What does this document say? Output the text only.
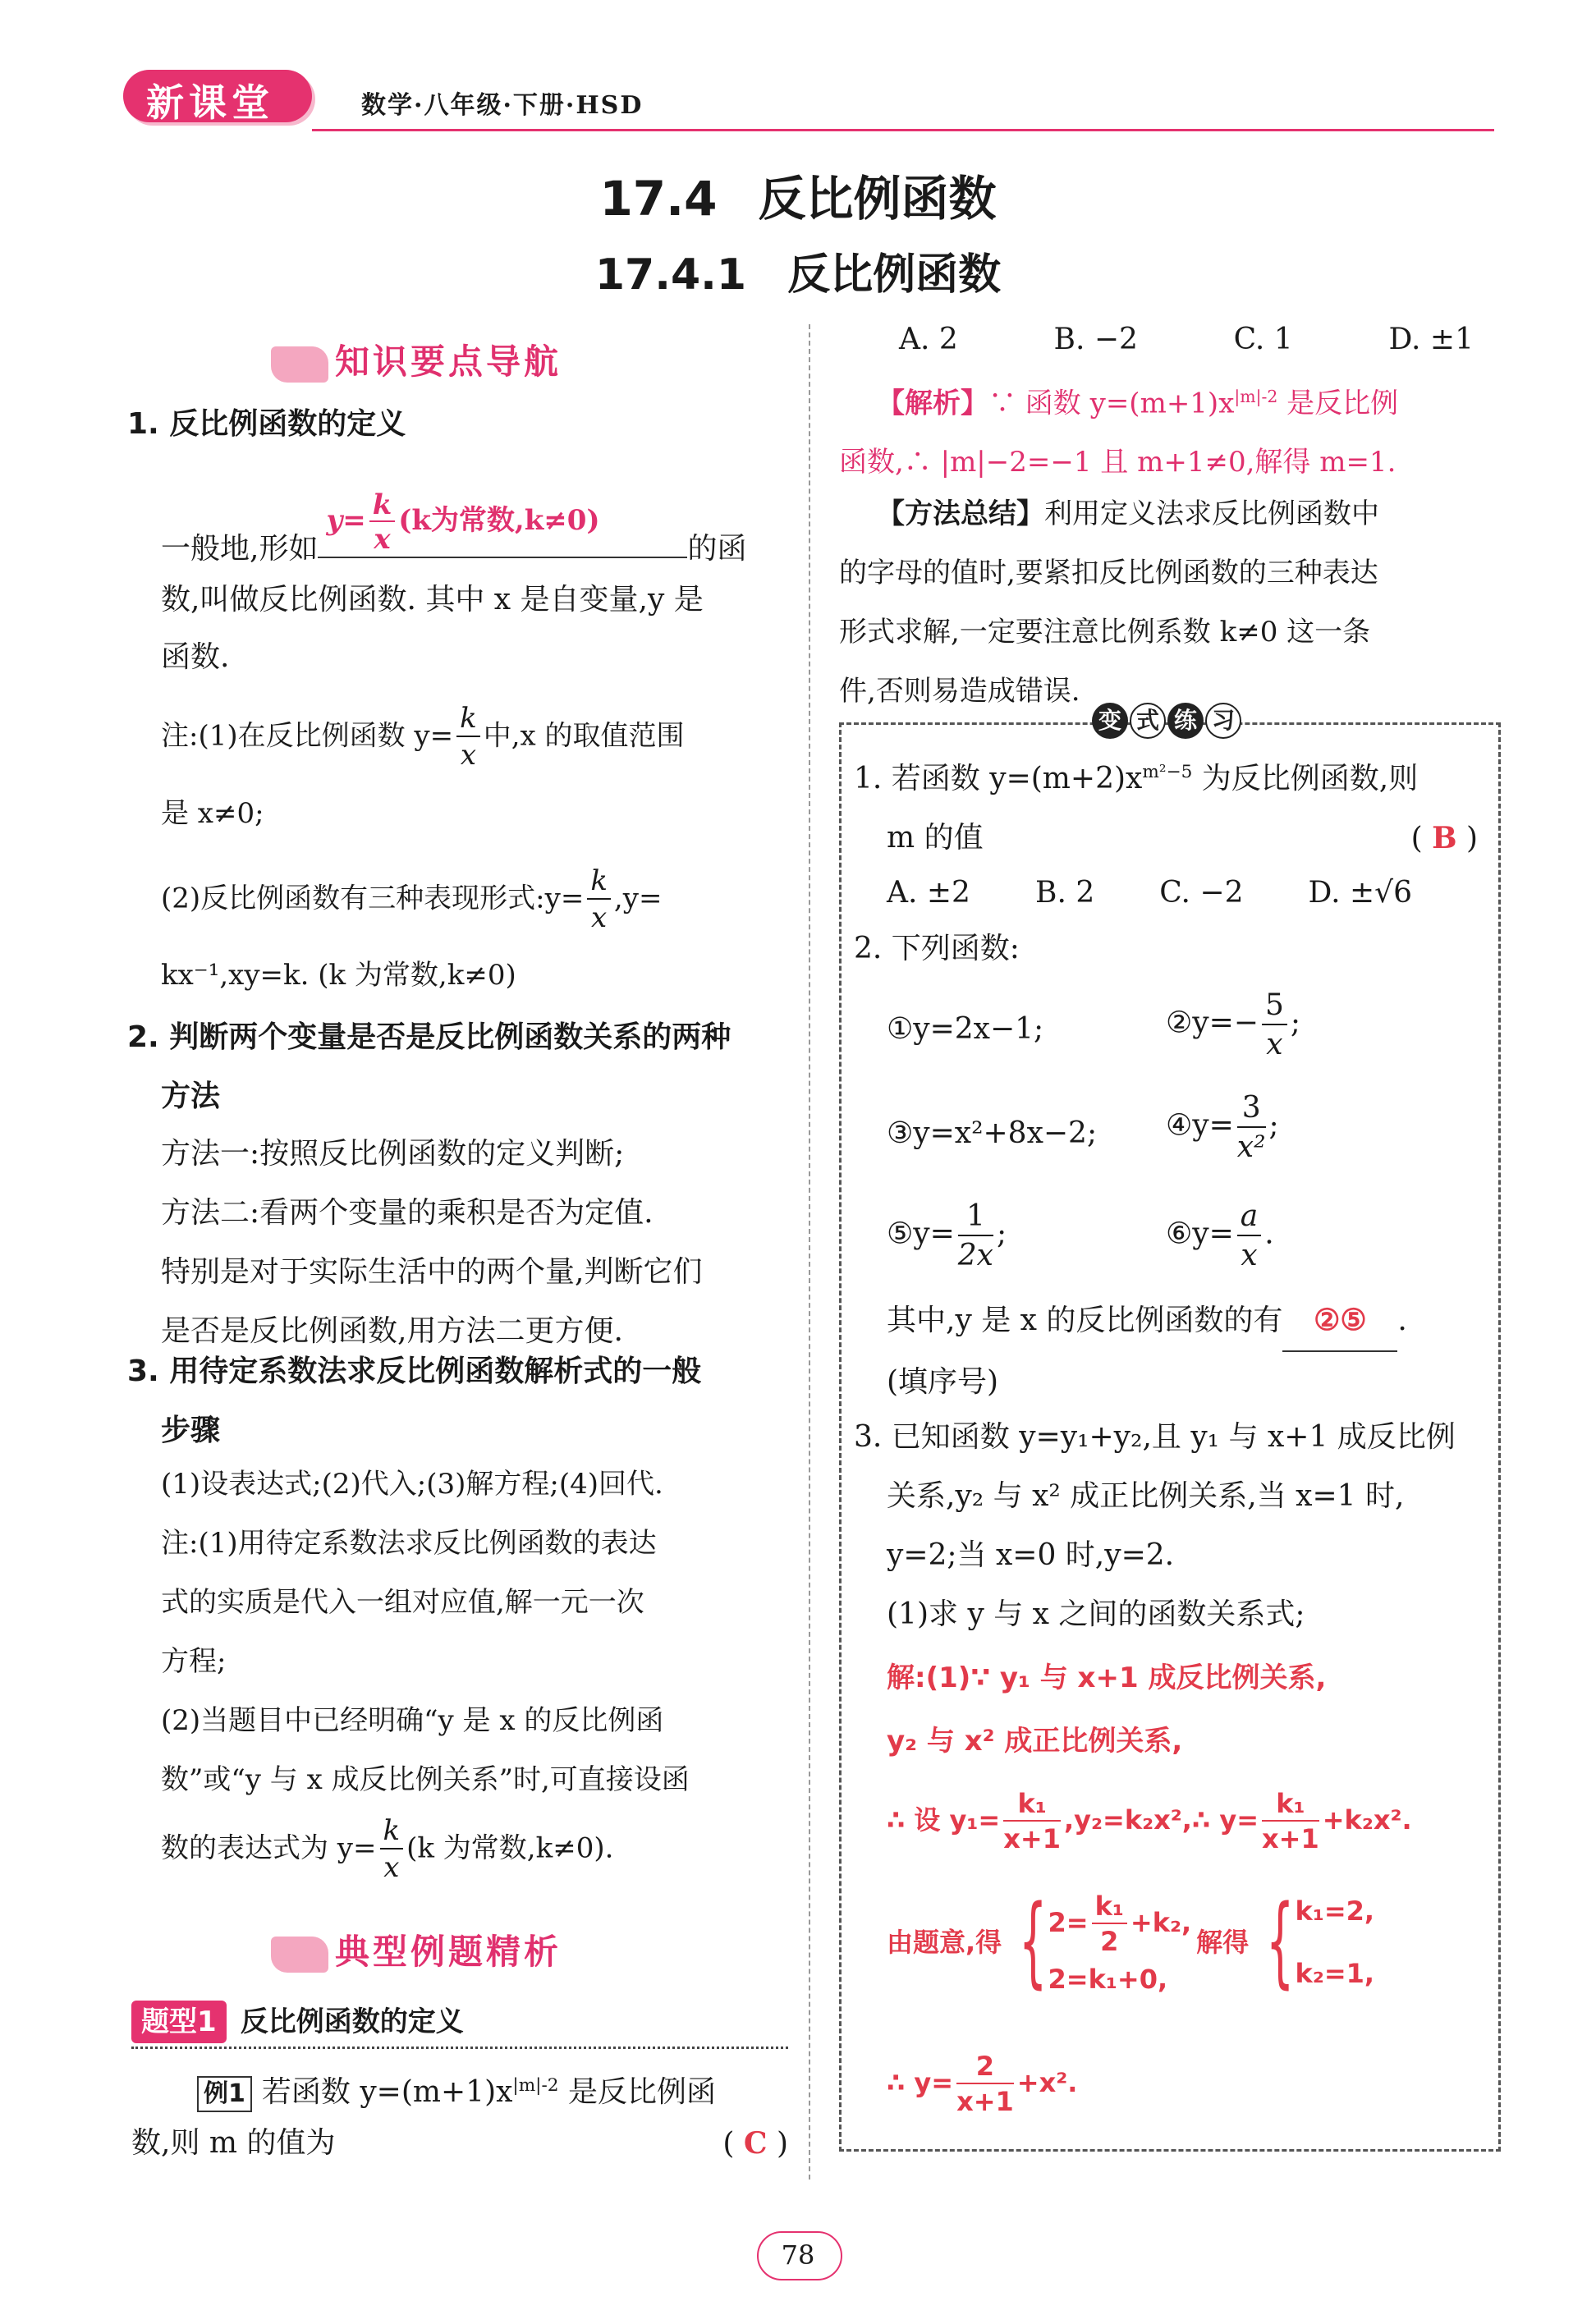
新课堂	数学·八年级·下册·HSD
17.4 反比例函数
17.4.1 反比例函数
知识要点导航
1. 反比例函数的定义
一般地,形如
$y= \frac{k}{x} (k$为常数,k≠0)
的函
数,叫做反比例函数. 其中 x 是自变量,y 是
函数.
注:(1)在反比例函数 $y= \frac{k}{x}$ 中,x 的取值范围
是 x≠0;
(2)反比例函数有三种表现形式:y= $\frac{k}{x} ,y=$
kx⁻¹,xy=k. (k 为常数,k≠0)
2. 判断两个变量是否是反比例函数关系的两种
方法
方法一:按照反比例函数的定义判断;
方法二:看两个变量的乘积是否为定值.
特别是对于实际生活中的两个量,判断它们
是否是反比例函数,用方法二更方便.
3. 用待定系数法求反比例函数解析式的一般
步骤
(1)设表达式;(2)代入;(3)解方程;(4)回代.
注:(1)用待定系数法求反比例函数的表达
式的实质是代入一组对应值,解一元一次
方程;
(2)当题目中已经明确“y 是 x 的反比例函
数”或“y 与 x 成反比例关系”时,可直接设函
数的表达式为 $y= \frac{k}{x} (k$ 为常数,k≠0).
典型例题精析
题型1 反比例函数的定义
例1 若函数 $y=(m+1)x^{|m|-2}$ 是反比例函
数,则 m 的值为	( C )
A. 2	B. −2	C. 1	D. ±1
【解析】∵ 函数 $y=(m+1)x^{|m|-2}$ 是反比例
函数,∴ |m|−2=−1 且 m+1≠0,解得 m=1.
【方法总结】利用定义法求反比例函数中
的字母的值时,要紧扣反比例函数的三种表达
形式求解,一定要注意比例系数 k≠0 这一条
件,否则易造成错误.
变 式 练 习
1. 若函数 $y=(m+2)x^{m^2-5}$ 为反比例函数,则
m 的值	( B )
A. ±2 B. 2 C. −2 D. ±√6
2. 下列函数:
①y=2x−1;	②y=− $\frac{5}{x}$ ;
③y=x²+8x−2; ④y= $\frac{3}{\text{x²}}$ ;
⑤y= $\frac{1}{2x}$ ;	⑥y= $\frac{a}{x}$ .
其中,y 是 x 的反比例函数的有 ②⑤ .
(填序号)
3. 已知函数 y=y₁+y₂,且 y₁ 与 x+1 成反比例
关系,y₂ 与 x² 成正比例关系,当 x=1 时,
y=2;当 x=0 时,y=2.
(1)求 y 与 x 之间的函数关系式;
解:(1)∵ y₁ 与 x+1 成反比例关系,
y₂ 与 x² 成正比例关系,
∴ 设 $y_1= \frac{\text{k₁}}{x+1}$ ,y₂=k₂x²,∴ $y= \frac{\text{k₁}}{x+1} +k_2x^2$.
由题意,得 { $2= \frac{\text{k₁}}{2} +k_2$,
2=k₁+0,
解得 { k₁=2,
k₂=1,
∴ $y= \frac{2}{x+1} +x^2$.
78
